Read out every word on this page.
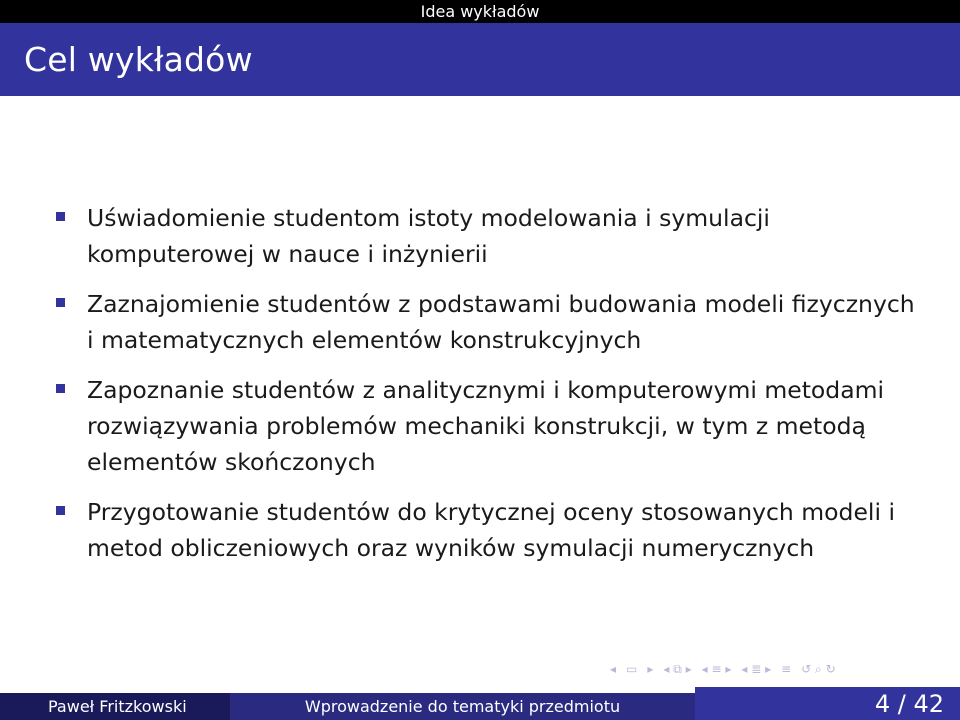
Idea wykładów
Cel wykładów
Uświadomienie studentom istoty modelowania i symulacji komputerowej w nauce i inżynierii
Zaznajomienie studentów z podstawami budowania modeli fizycznych i matematycznych elementów konstrukcyjnych
Zapoznanie studentów z analitycznymi i komputerowymi metodami rozwiązywania problemów mechaniki konstrukcji, w tym z metodą elementów skończonych
Przygotowanie studentów do krytycznej oceny stosowanych modeli i metod obliczeniowych oraz wyników symulacji numerycznych
◂ ▭ ▸ ◂ ⧉ ▸ ◂ ≡ ▸ ◂ ≣ ▸ ≡ ↺ ⌕ ↻
Paweł Fritzkowski	Wprowadzenie do tematyki przedmiotu	4 / 42
